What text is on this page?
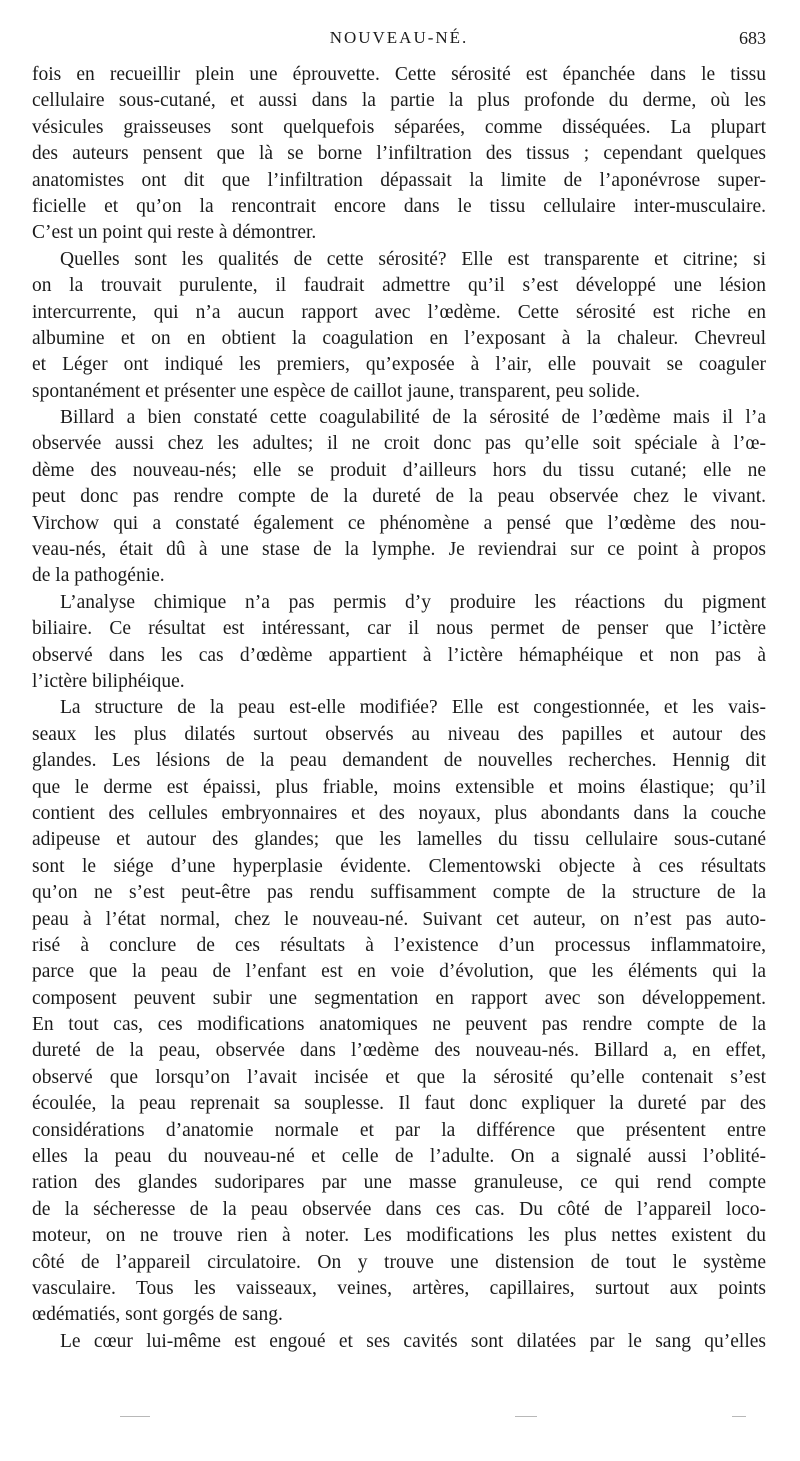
NOUVEAU-NÉ.	683
fois en recueillir plein une éprouvette. Cette sérosité est épanchée dans le tissu
cellulaire sous-cutané, et aussi dans la partie la plus profonde du derme, où les
vésicules graisseuses sont quelquefois séparées, comme disséquées. La plupart
des auteurs pensent que là se borne l’infiltration des tissus ; cependant quelques
anatomistes ont dit que l’infiltration dépassait la limite de l’aponévrose super-
ficielle et qu’on la rencontrait encore dans le tissu cellulaire inter-musculaire.
C’est un point qui reste à démontrer.
Quelles sont les qualités de cette sérosité? Elle est transparente et citrine; si
on la trouvait purulente, il faudrait admettre qu’il s’est développé une lésion
intercurrente, qui n’a aucun rapport avec l’œdème. Cette sérosité est riche en
albumine et on en obtient la coagulation en l’exposant à la chaleur. Chevreul
et Léger ont indiqué les premiers, qu’exposée à l’air, elle pouvait se coaguler
spontanément et présenter une espèce de caillot jaune, transparent, peu solide.
Billard a bien constaté cette coagulabilité de la sérosité de l’œdème mais il l’a
observée aussi chez les adultes; il ne croit donc pas qu’elle soit spéciale à l’œ-
dème des nouveau-nés; elle se produit d’ailleurs hors du tissu cutané; elle ne
peut donc pas rendre compte de la dureté de la peau observée chez le vivant.
Virchow qui a constaté également ce phénomène a pensé que l’œdème des nou-
veau-nés, était dû à une stase de la lymphe. Je reviendrai sur ce point à propos
de la pathogénie.
L’analyse chimique n’a pas permis d’y produire les réactions du pigment
biliaire. Ce résultat est intéressant, car il nous permet de penser que l’ictère
observé dans les cas d’œdème appartient à l’ictère hémaphéique et non pas à
l’ictère biliphéique.
La structure de la peau est-elle modifiée? Elle est congestionnée, et les vais-
seaux les plus dilatés surtout observés au niveau des papilles et autour des
glandes. Les lésions de la peau demandent de nouvelles recherches. Hennig dit
que le derme est épaissi, plus friable, moins extensible et moins élastique; qu’il
contient des cellules embryonnaires et des noyaux, plus abondants dans la couche
adipeuse et autour des glandes; que les lamelles du tissu cellulaire sous-cutané
sont le siége d’une hyperplasie évidente. Clementowski objecte à ces résultats
qu’on ne s’est peut-être pas rendu suffisamment compte de la structure de la
peau à l’état normal, chez le nouveau-né. Suivant cet auteur, on n’est pas auto-
risé à conclure de ces résultats à l’existence d’un processus inflammatoire,
parce que la peau de l’enfant est en voie d’évolution, que les éléments qui la
composent peuvent subir une segmentation en rapport avec son développement.
En tout cas, ces modifications anatomiques ne peuvent pas rendre compte de la
dureté de la peau, observée dans l’œdème des nouveau-nés. Billard a, en effet,
observé que lorsqu’on l’avait incisée et que la sérosité qu’elle contenait s’est
écoulée, la peau reprenait sa souplesse. Il faut donc expliquer la dureté par des
considérations d’anatomie normale et par la différence que présentent entre
elles la peau du nouveau-né et celle de l’adulte. On a signalé aussi l’oblité-
ration des glandes sudoripares par une masse granuleuse, ce qui rend compte
de la sécheresse de la peau observée dans ces cas. Du côté de l’appareil loco-
moteur, on ne trouve rien à noter. Les modifications les plus nettes existent du
côté de l’appareil circulatoire. On y trouve une distension de tout le système
vasculaire. Tous les vaisseaux, veines, artères, capillaires, surtout aux points
œdématiés, sont gorgés de sang.
Le cœur lui-même est engoué et ses cavités sont dilatées par le sang qu’elles
